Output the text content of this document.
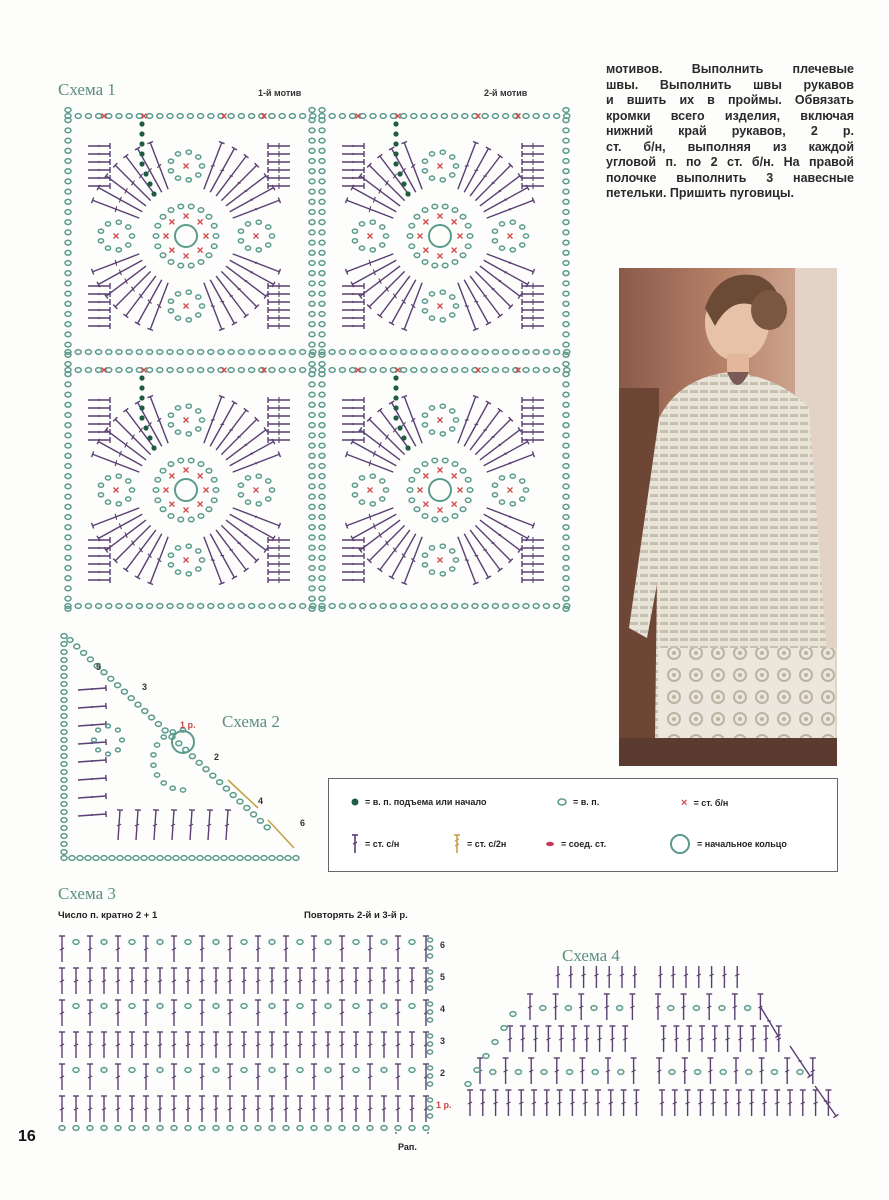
Схема 1	1-й мотив	2-й мотив
мотивов. Выполнить плечевые
швы. Выполнить швы рукавов
и вшить их в проймы. Обвязать
кромки всего изделия, включая
нижний край рукавов, 2 р.
ст. б/н, выполняя из каждой
угловой п. по 2 ст. б/н. На правой
полочке выполнить 3 навесные
петельки. Пришить пуговицы.
Схема 2
5
3
1 р.
2
4
6
= в. п. подъема или начало	= в. п.	× = ст. б/н
= ст. с/н	= ст. с/2н	= соед. ст.	= начальное кольцо
Схема 3
Число п. кратно 2 + 1	Повторять 2-й и 3-й р.
6
5
4
3
2
1 р.
Рап.
Схема 4
16
